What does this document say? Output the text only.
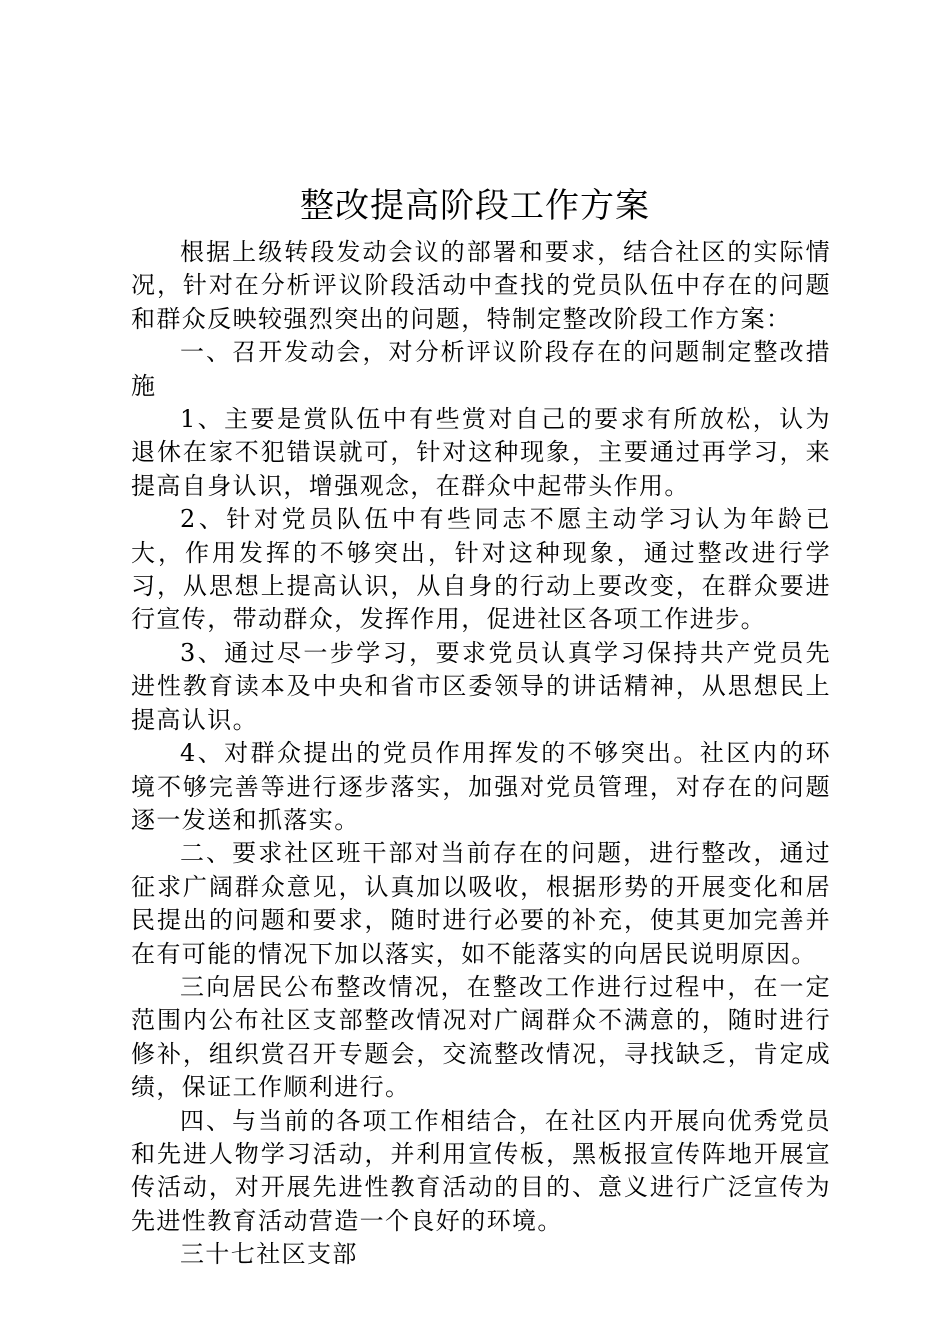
整改提高阶段工作方案

根据上级转段发动会议的部署和要求，结合社区的实际情况，针对在分析评议阶段活动中查找的党员队伍中存在的问题和群众反映较强烈突出的问题，特制定整改阶段工作方案：

一、召开发动会，对分析评议阶段存在的问题制定整改措施

1、主要是赏队伍中有些赏对自己的要求有所放松，认为退休在家不犯错误就可，针对这种现象，主要通过再学习，来提高自身认识，增强观念，在群众中起带头作用。

2、针对党员队伍中有些同志不愿主动学习认为年龄已大，作用发挥的不够突出，针对这种现象，通过整改进行学习，从思想上提高认识，从自身的行动上要改变，在群众要进行宣传，带动群众，发挥作用，促进社区各项工作进步。

3、通过尽一步学习，要求党员认真学习保持共产党员先进性教育读本及中央和省市区委领导的讲话精神，从思想民上提高认识。

4、对群众提出的党员作用挥发的不够突出。社区内的环境不够完善等进行逐步落实，加强对党员管理，对存在的问题逐一发送和抓落实。

二、要求社区班干部对当前存在的问题，进行整改，通过征求广阔群众意见，认真加以吸收，根据形势的开展变化和居民提出的问题和要求，随时进行必要的补充，使其更加完善并在有可能的情况下加以落实，如不能落实的向居民说明原因。

三向居民公布整改情况，在整改工作进行过程中，在一定范围内公布社区支部整改情况对广阔群众不满意的，随时进行修补，组织赏召开专题会，交流整改情况，寻找缺乏，肯定成绩，保证工作顺利进行。

四、与当前的各项工作相结合，在社区内开展向优秀党员和先进人物学习活动，并利用宣传板，黑板报宣传阵地开展宣传活动，对开展先进性教育活动的目的、意义进行广泛宣传为先进性教育活动营造一个良好的环境。

三十七社区支部
